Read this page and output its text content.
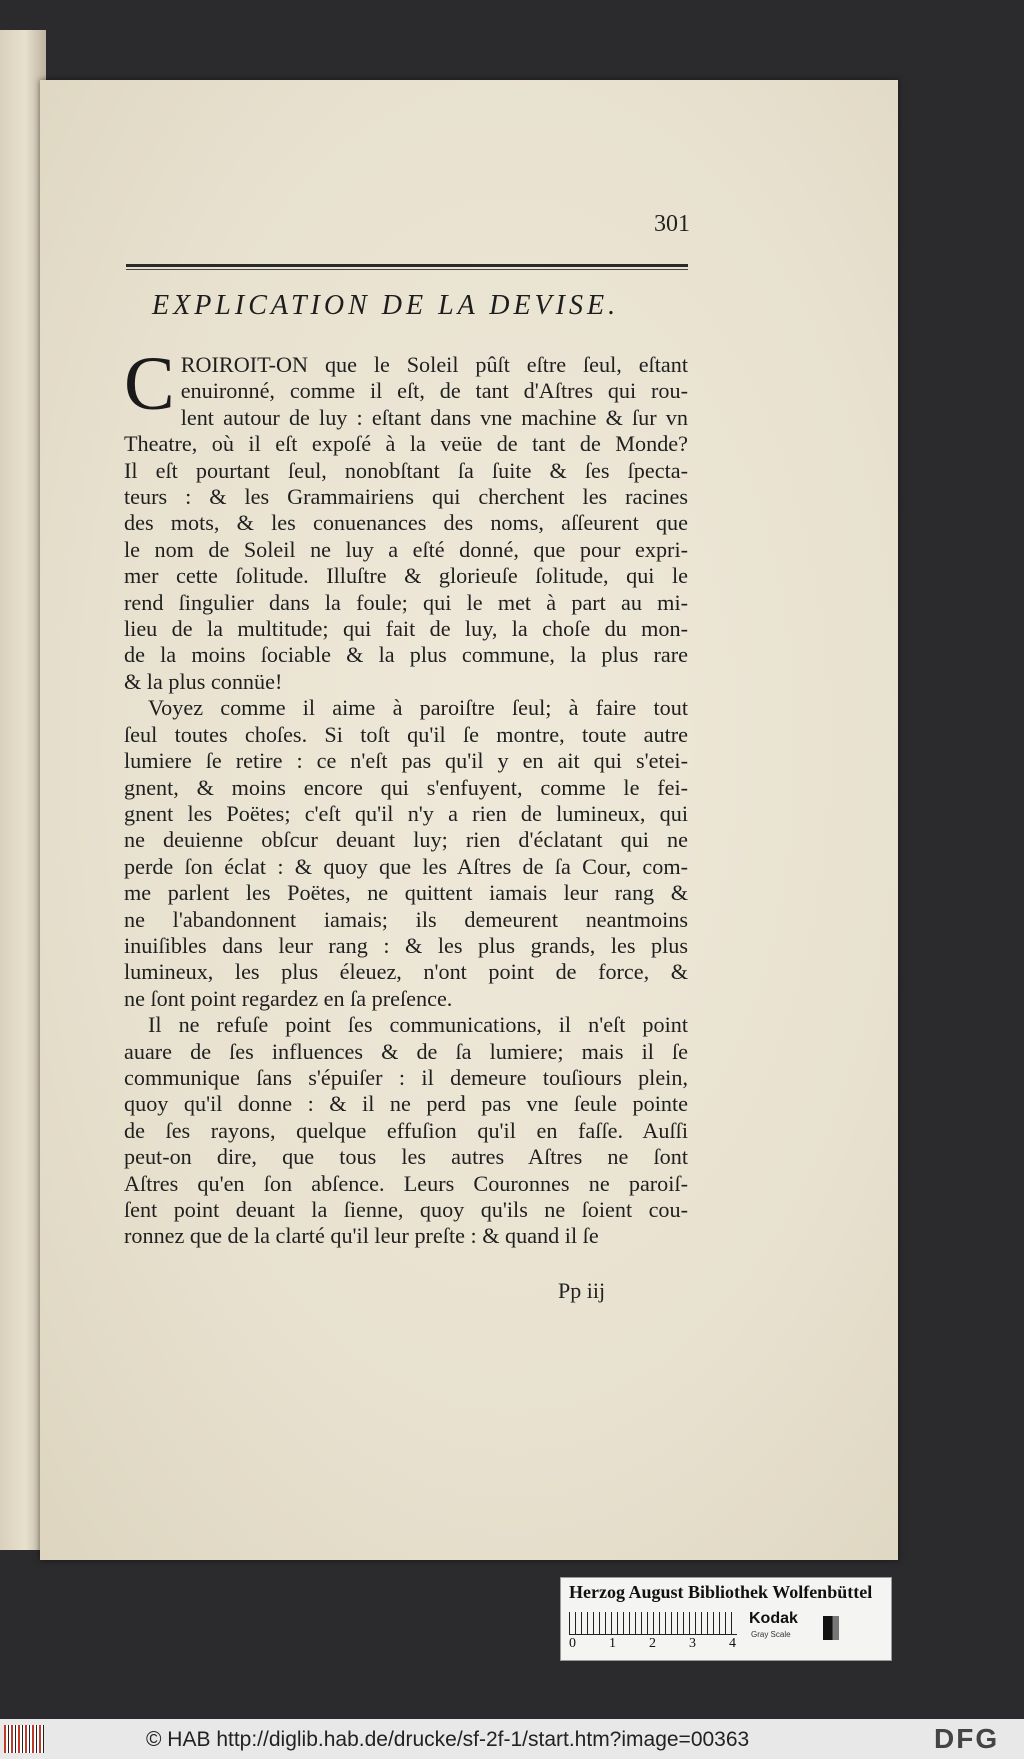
301
EXPLICATION DE LA DEVISE.
C ROIROIT-ON que le Soleil pûſt eſtre ſeul, eſtant
enuironné, comme il eſt, de tant d'Aſtres qui rou-
lent autour de luy : eſtant dans vne machine & ſur vn
Theatre, où il eſt expoſé à la veüe de tant de Monde?
Il eſt pourtant ſeul, nonobſtant ſa ſuite & ſes ſpecta-
teurs : & les Grammairiens qui cherchent les racines
des mots, & les conuenances des noms, aſſeurent que
le nom de Soleil ne luy a eſté donné, que pour expri-
mer cette ſolitude. Illuſtre & glorieuſe ſolitude, qui le
rend ſingulier dans la foule; qui le met à part au mi-
lieu de la multitude; qui fait de luy, la choſe du mon-
de la moins ſociable & la plus commune, la plus rare
& la plus connüe!
Voyez comme il aime à paroiſtre ſeul; à faire tout
ſeul toutes choſes. Si toſt qu'il ſe montre, toute autre
lumiere ſe retire : ce n'eſt pas qu'il y en ait qui s'etei-
gnent, & moins encore qui s'enfuyent, comme le fei-
gnent les Poëtes; c'eſt qu'il n'y a rien de lumineux, qui
ne deuienne obſcur deuant luy; rien d'éclatant qui ne
perde ſon éclat : & quoy que les Aſtres de ſa Cour, com-
me parlent les Poëtes, ne quittent iamais leur rang &
ne l'abandonnent iamais; ils demeurent neantmoins
inuiſibles dans leur rang : & les plus grands, les plus
lumineux, les plus éleuez, n'ont point de force, &
ne ſont point regardez en ſa preſence.
Il ne refuſe point ſes communications, il n'eſt point
auare de ſes influences & de ſa lumiere; mais il ſe
communique ſans s'épuiſer : il demeure touſiours plein,
quoy qu'il donne : & il ne perd pas vne ſeule pointe
de ſes rayons, quelque effuſion qu'il en faſſe. Auſſi
peut-on dire, que tous les autres Aſtres ne ſont
Aſtres qu'en ſon abſence. Leurs Couronnes ne paroiſ-
ſent point deuant la ſienne, quoy qu'ils ne ſoient cou-
ronnez que de la clarté qu'il leur preſte : & quand il ſe
Pp iij
Herzog August Bibliothek Wolfenbüttel
0 1 2 3 4
Kodak
Gray Scale
© HAB http://diglib.hab.de/drucke/sf-2f-1/start.htm?image=00363	DFG
